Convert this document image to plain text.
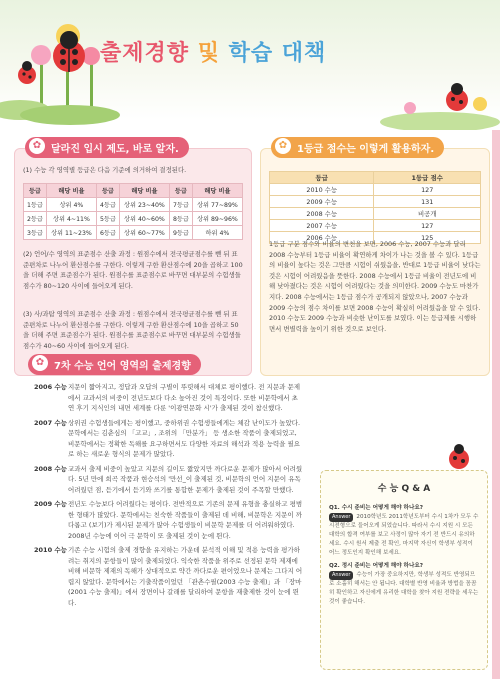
출제경향 및 학습 대책
✿ 달라진 입시 제도, 바로 알자.
(1) 수능 각 영역별 등급은 다음 기준에 의거하여 결정된다.
등급	해당 비율	등급	해당 비율	등급	해당 비율
1등급	상위 4%	4등급	상위 23~40%	7등급	상위 77~89%
2등급	상위 4~11%	5등급	상위 40~60%	8등급	상위 89~96%
3등급	상위 11~23%	6등급	상위 60~77%	9등급	하위 4%
(2) 언어/수 영역의 표준점수 산출 과정 : 원점수에서 전국평균점수를 뺀 뒤 표준편차로 나누어 환산점수를 구한다. 이렇게 구한 환산점수에 20을 곱하고 100을 더해 주면 표준점수가 된다. 원점수를 표준점수로 바꾸면 대부분의 수험생들 점수가 80~120 사이에 들어오게 된다.
(3) 사/과탐 영역의 표준점수 산출 과정 : 원점수에서 전국평균점수를 뺀 뒤 표준편차로 나누어 환산점수를 구한다. 이렇게 구한 환산점수에 10을 곱하고 50을 더해 주면 표준점수가 된다. 원점수를 표준점수로 바꾸면 대부분의 수험생들 점수가 40~60 사이에 들어오게 된다.
✿ 1등급 점수는 이렇게 활용하자.
등급	1등급 점수
2010 수능	127
2009 수능	131
2008 수능	비공개
2007 수능	127
2006 수능	125
1등급 구분 점수와 비율의 변천을 보면, 2006 수능, 2007 수능과 달리 2008 수능부터 1등급 비율이 확연하게 차이가 나는 것을 볼 수 있다. 1등급의 비율이 높다는 것은 그만큼 시험이 쉬웠음을, 반대로 1등급 비율이 낮다는 것은 시험이 어려웠음을 뜻한다. 2008 수능에서 1등급 비율이 전년도에 비해 낮아졌다는 것은 시험이 어려웠다는 것을 의미한다. 2009 수능도 마찬가지다. 2008 수능에서는 1등급 점수가 공개되지 않았으나, 2007 수능과 2009 수능의 점수 차이를 보면 2008 수능이 확실히 어려웠음을 알 수 있다. 2010 수능도 2009 수능과 비슷한 난이도를 보였다. 이는 등급제를 시행하면서 변별력을 높이기 위한 것으로 보인다.
✿ 7차 수능 언어 영역의 출제경향
2006 수능 지문이 짧아지고, 정답과 오답의 구별이 뚜렷해서 대체로 평이했다. 전 지문과 문제에서 교과서의 비중이 전년도보다 다소 높아진 것이 특징이다. 또한 비문학에서 초연 후기 지식인의 내면 세계를 다룬 '이광연문화 시'가 출제된 것이 참신했다.
2007 수능 상위권 수험생들에게는 평이했고, 중하위권 수험생들에게는 체감 난이도가 높았다. 문학에서는 김춘심의 「고교」, 조위의 「만분가」 등 생소한 작품이 출제되었고, 비문학에서는 정확한 독해를 요구하면서도 다양한 자료의 해석과 적용 능력을 필요로 하는 새로운 형식의 문제가 많았다.
2008 수능 교과서 출제 비중이 높았고 지문의 길이도 짧았지만 까다로운 문제가 많아서 어려웠다. 5년 만에 희곡 작품과 현승석의 '만선_이 출제된 것, 비문학의 언어 지문이 유독 어려웠던 점, 듣기에서 듣기와 쓰기를 통합한 문제가 출제된 것이 주목할 만했다.
2009 수능 전년도 수능보다 어려웠다는 평이다. 전반적으로 기존의 문제 유형을 충실하고 평범한 형태가 많았다. 문학에서는 친숙한 작품들이 출제된 데 비해, 비문학은 지문이 까다롭고 (보기)가 제시된 문제가 많아 수험생들이 비문학 문제를 더 어려워하였다. 2008년 수능에 이어 극 문학이 또 출제된 것이 눈에 띈다.
2010 수능 기존 수능 시험의 출제 경향을 유지하는 가운데 분석적 이해 및 적용 능력을 평가하려는 취지의 문항들이 많이 출제되었다. 익숙한 작품을 위주로 선정된 문학 제재에 비해 비문학 제재의 독해가 상대적으로 약간 까다로운 편이었으나 문제는 그다지 어렵지 않았다. 문학에서는 기출작품이었던 「관촌수필(2003 수능 출제)」과 「장마(2001 수능 출제)」에서 장면이나 갈래를 달리하여 문항을 재출제한 것이 눈에 띈다.
수 능 Q & A
Q1. 수시 준비는 어떻게 해야 하나요?
Answer 2010학년도 2011학년도부터 수시 1차가 모두 수시전형으로 들어오게 되었습니다. 따라서 수시 지원 시 모든 대학의 합격 여부를 보고 사정이 많아 자기 전 반드시 유의하세요. 수시 원서 제출 전 확인, 마지막 자신이 학생부 성적이 어느 정도인지 확인해 보세요.
Q2. 정시 준비는 어떻게 해야 하나요?
Answer 수능이 가장 중요하지만, 학생부 성적도 반영되므로 소홀히 해서는 안 됩니다. 대학별 반영 비율과 방법을 꼼꼼히 확인하고 자신에게 유리한 대학을 찾아 지원 전략을 세우는 것이 좋습니다.
